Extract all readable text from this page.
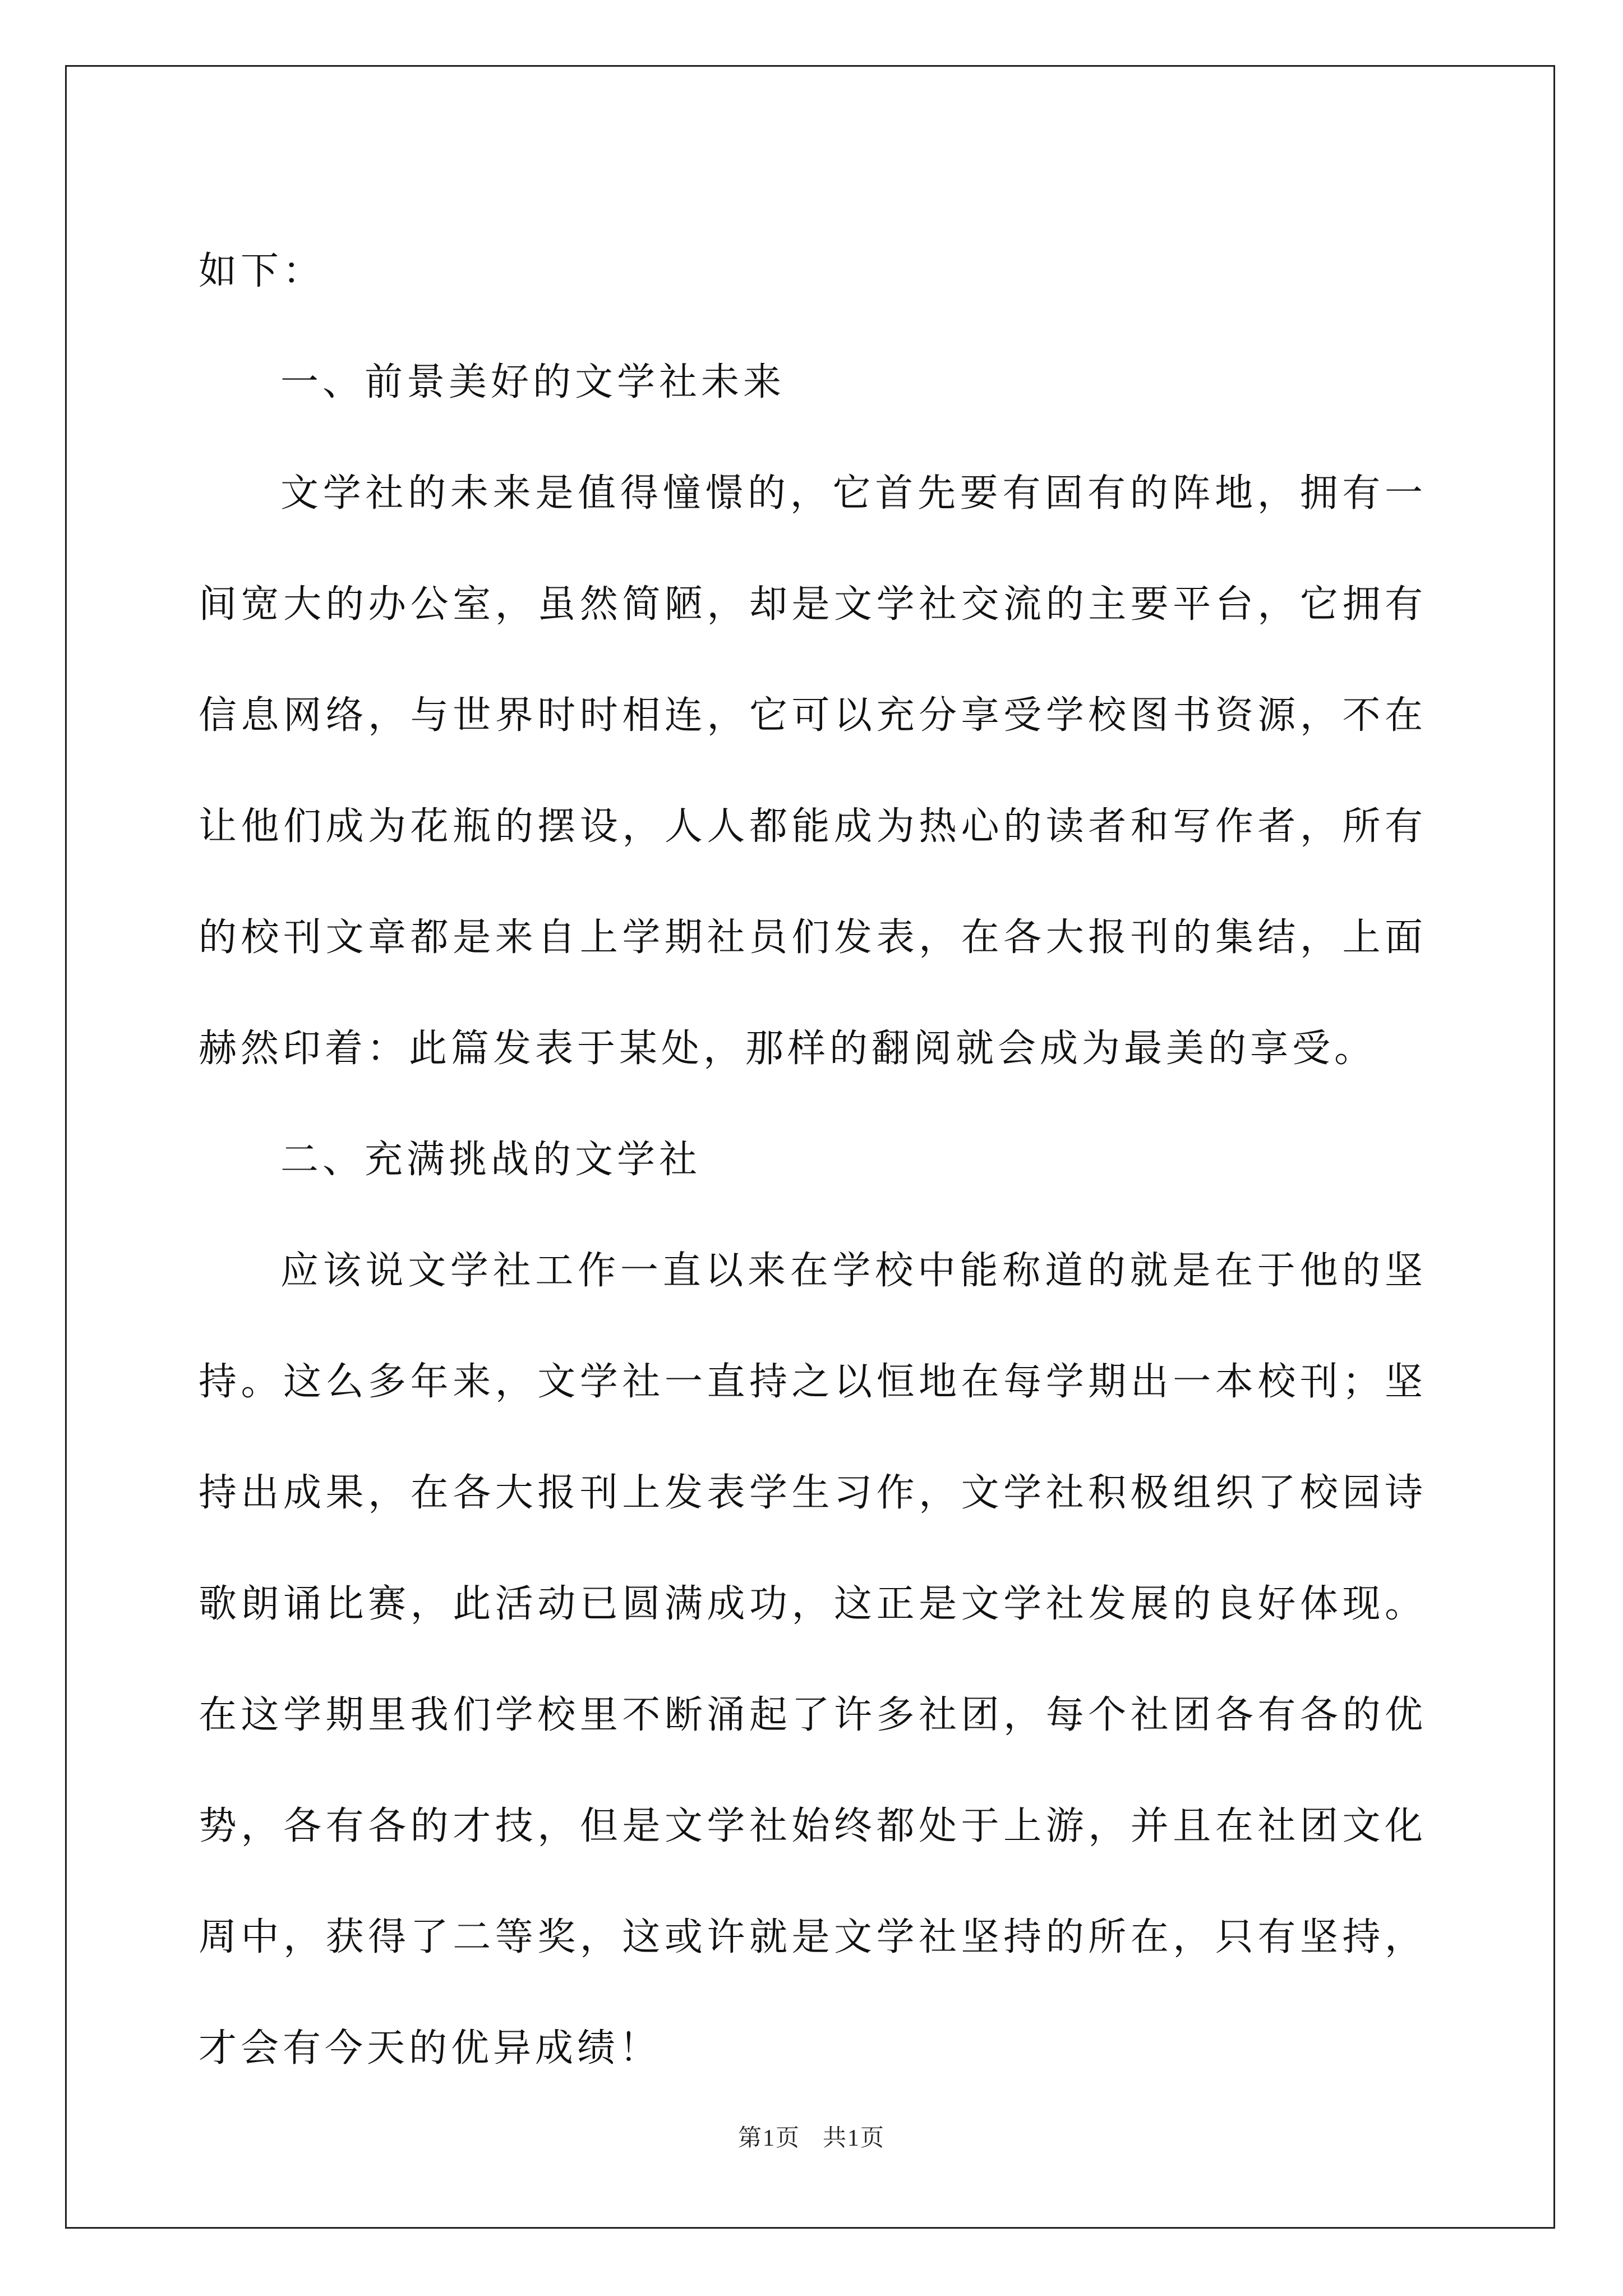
如下：

一、前景美好的文学社未来

文学社的未来是值得憧憬的，它首先要有固有的阵地，拥有一间宽大的办公室，虽然简陋，却是文学社交流的主要平台，它拥有信息网络，与世界时时相连，它可以充分享受学校图书资源，不在让他们成为花瓶的摆设，人人都能成为热心的读者和写作者，所有的校刊文章都是来自上学期社员们发表，在各大报刊的集结，上面赫然印着：此篇发表于某处，那样的翻阅就会成为最美的享受。

二、充满挑战的文学社

应该说文学社工作一直以来在学校中能称道的就是在于他的坚持。这么多年来，文学社一直持之以恒地在每学期出一本校刊；坚持出成果，在各大报刊上发表学生习作，文学社积极组织了校园诗歌朗诵比赛，此活动已圆满成功，这正是文学社发展的良好体现。在这学期里我们学校里不断涌起了许多社团，每个社团各有各的优势，各有各的才技，但是文学社始终都处于上游，并且在社团文化周中，获得了二等奖，这或许就是文学社坚持的所在，只有坚持，才会有今天的优异成绩！

第1页 共1页
